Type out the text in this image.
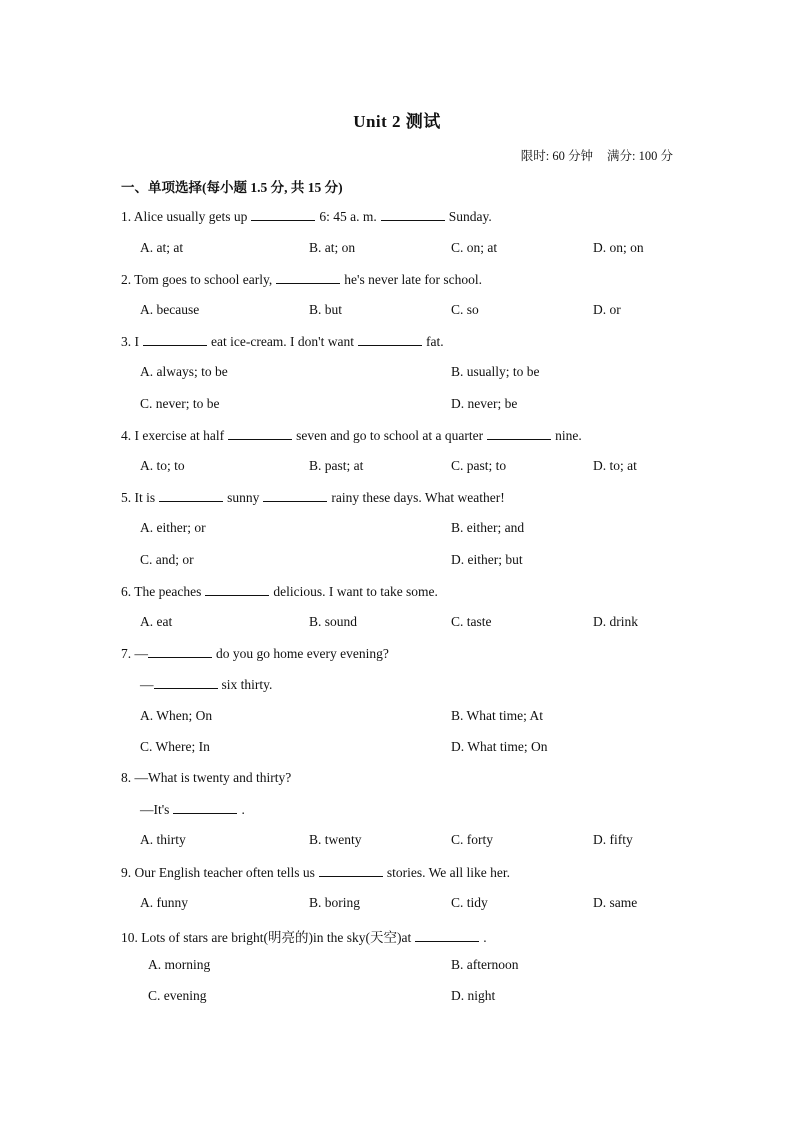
Unit 2 测试
限时: 60 分钟 满分: 100 分
一、单项选择(每小题 1.5 分, 共 15 分)
1. Alice usually gets up	6: 45 a. m.	Sunday.
A. at; at	B. at; on	C. on; at	D. on; on
2. Tom goes to school early,	he's never late for school.
A. because	B. but	C. so	D. or
3. I	eat ice-cream. I don't want	fat.
A. always; to be	B. usually; to be
C. never; to be	D. never; be
4. I exercise at half	seven and go to school at a quarter	nine.
A. to; to	B. past; at	C. past; to	D. to; at
5. It is	sunny	rainy these days. What weather!
A. either; or	B. either; and
C. and; or	D. either; but
6. The peaches	delicious. I want to take some.
A. eat	B. sound	C. taste	D. drink
7. —	do you go home every evening?
—	six thirty.
A. When; On	B. What time; At
C. Where; In	D. What time; On
8. —What is twenty and thirty?
—It's	.
A. thirty	B. twenty	C. forty	D. fifty
9. Our English teacher often tells us	stories. We all like her.
A. funny	B. boring	C. tidy	D. same
10. Lots of stars are bright(明亮的)in the sky(天空)at	.
A. morning	B. afternoon
C. evening	D. night
